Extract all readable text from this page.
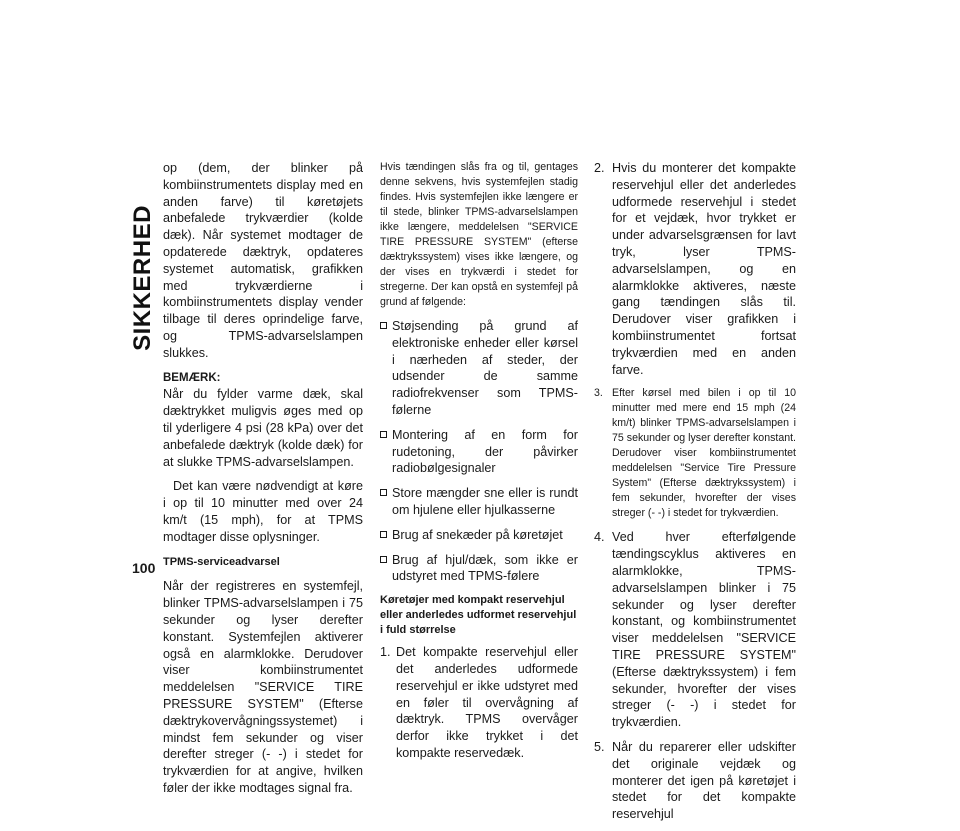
SIKKERHED
100

op (dem, der blinker på kombiinstrumentets display med en anden farve) til køretøjets anbefalede trykværdier (kolde dæk). Når systemet modtager de opdaterede dæktryk, opdateres systemet automatisk, grafikken med trykværdierne i kombiinstrumentets display vender tilbage til deres oprindelige farve, og TPMS-advarselslampen slukkes.

BEMÆRK:

Når du fylder varme dæk, skal dæktrykket muligvis øges med op til yderligere 4 psi (28 kPa) over det anbefalede dæktryk (kolde dæk) for at slukke TPMS-advarselslampen.

Det kan være nødvendigt at køre i op til 10 minutter med over 24 km/t (15 mph), for at TPMS modtager disse oplysninger.

TPMS-serviceadvarsel

Når der registreres en systemfejl, blinker TPMS-advarselslampen i 75 sekunder og lyser derefter konstant. Systemfejlen aktiverer også en alarmklokke. Derudover viser kombiinstrumentet meddelelsen "SERVICE TIRE PRESSURE SYSTEM" (Efterse dæktrykovervågningssystemet) i mindst fem sekunder og viser derefter streger (- -) i stedet for trykværdien for at angive, hvilken føler der ikke modtages signal fra.

Hvis tændingen slås fra og til, gentages denne sekvens, hvis systemfejlen stadig findes. Hvis systemfejlen ikke længere er til stede, blinker TPMS-advarselslampen ikke længere, meddelelsen "SERVICE TIRE PRESSURE SYSTEM" (efterse dæktrykssystem) vises ikke længere, og der vises en trykværdi i stedet for stregerne. Der kan opstå en systemfejl på grund af følgende:

Støjsending på grund af elektroniske enheder eller kørsel i nærheden af steder, der udsender de samme radiofrekvenser som TPMS-følerne
Montering af en form for rudetoning, der påvirker radiobølgesignaler
Store mængder sne eller is rundt om hjulene eller hjulkasserne
Brug af snekæder på køretøjet
Brug af hjul/dæk, som ikke er udstyret med TPMS-følere
Køretøjer med kompakt reservehjul eller anderledes udformet reservehjul i fuld størrelse
1. Det kompakte reservehjul eller det anderledes udformede reservehjul er ikke udstyret med en føler til overvågning af dæktryk. TPMS overvåger derfor ikke trykket i det kompakte reservedæk.
2. Hvis du monterer det kompakte reservehjul eller det anderledes udformede reservehjul i stedet for et vejdæk, hvor trykket er under advarselsgrænsen for lavt tryk, lyser TPMS-advarselslampen, og en alarmklokke aktiveres, næste gang tændingen slås til. Derudover viser grafikken i kombiinstrumentet fortsat trykværdien med en anden farve.
3. Efter kørsel med bilen i op til 10 minutter med mere end 15 mph (24 km/t) blinker TPMS-advarselslampen i 75 sekunder og lyser derefter konstant. Derudover viser kombiinstrumentet meddelelsen "Service Tire Pressure System" (Efterse dæktrykssystem) i fem sekunder, hvorefter der vises streger (- -) i stedet for trykværdien.
4. Ved hver efterfølgende tændingscyklus aktiveres en alarmklokke, TPMS-advarselslampen blinker i 75 sekunder og lyser derefter konstant, og kombiinstrumentet viser meddelelsen "SERVICE TIRE PRESSURE SYSTEM" (Efterse dæktrykssystem) i fem sekunder, hvorefter der vises streger (- -) i stedet for trykværdien.
5. Når du reparerer eller udskifter det originale vejdæk og monterer det igen på køretøjet i stedet for det kompakte reservehjul
